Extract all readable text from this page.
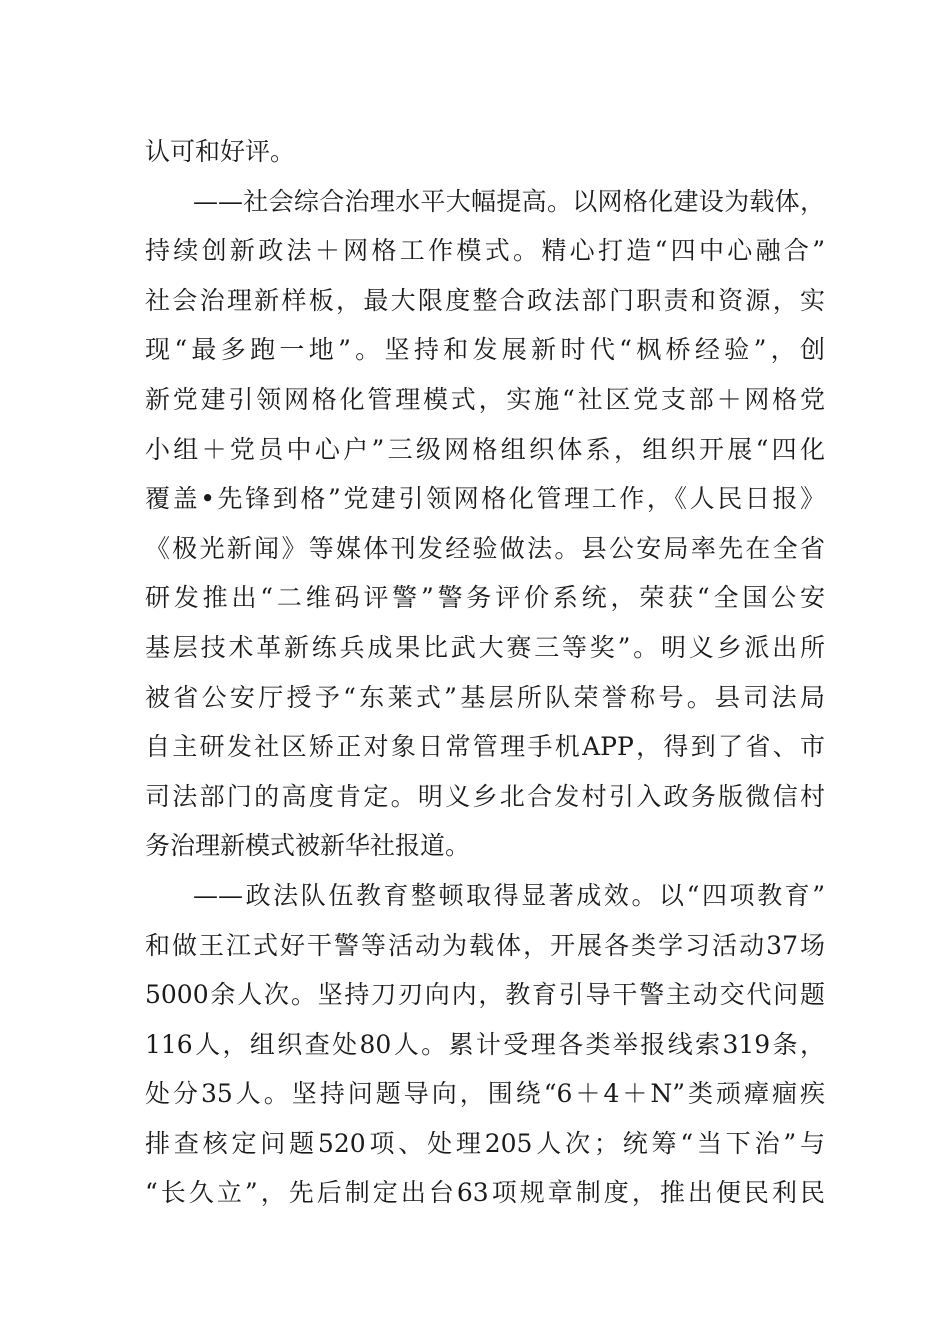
认可和好评。
——社会综合治理水平大幅提高。以网格化建设为载体，
持续创新政法＋网格工作模式。精心打造“四中心融合”
社会治理新样板，最大限度整合政法部门职责和资源，实
现“最多跑一地”。坚持和发展新时代“枫桥经验”，创
新党建引领网格化管理模式，实施“社区党支部＋网格党
小组＋党员中心户”三级网格组织体系，组织开展“四化
覆盖•先锋到格”党建引领网格化管理工作，《人民日报》
《极光新闻》等媒体刊发经验做法。县公安局率先在全省
研发推出“二维码评警”警务评价系统，荣获“全国公安
基层技术革新练兵成果比武大赛三等奖”。明义乡派出所
被省公安厅授予“东莱式”基层所队荣誉称号。县司法局
自主研发社区矫正对象日常管理手机APP，得到了省、市
司法部门的高度肯定。明义乡北合发村引入政务版微信村
务治理新模式被新华社报道。
——政法队伍教育整顿取得显著成效。以“四项教育”
和做王江式好干警等活动为载体，开展各类学习活动37场
5000余人次。坚持刀刃向内，教育引导干警主动交代问题
116人，组织查处80人。累计受理各类举报线索319条，
处分35人。坚持问题导向，围绕“6＋4＋N”类顽瘴痼疾
排查核定问题520项、处理205人次；统筹“当下治”与
“长久立”，先后制定出台63项规章制度，推出便民利民
